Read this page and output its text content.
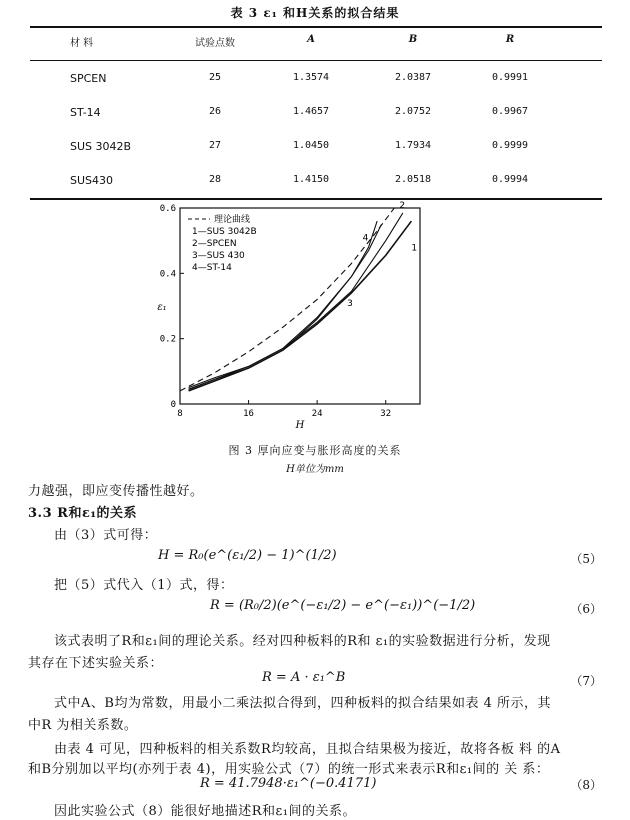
表 3 ε₁ 和H关系的拟合结果
材 料	试验点数	A	B	R
SPCEN	25	1.3574	2.0387	0.9991
ST-14	26	1.4657	2.0752	0.9967
SUS 3042B	27	1.0450	1.7934	0.9999
SUS430	28	1.4150	2.0518	0.9994
0
0.2
0.4
0.6
8	16	24	32
H
ε₁
理论曲线
1—SUS 3042B
2—SPCEN
3—SUS 430
4—ST-14
1
2
3
4
图 3 厚向应变与胀形高度的关系
H单位为mm
力越强，即应变传播性越好。
3.3 R和ε₁的关系
由（3）式可得：
H = R₀(e^(ε₁/2) − 1)^(1/2)	（5）
把（5）式代入（1）式，得：
R = (R₀/2)(e^(−ε₁/2) − e^(−ε₁))^(−1/2)	（6）
该式表明了R和ε₁间的理论关系。经对四种板料的R和 ε₁的实验数据进行分析，发现
其存在下述实验关系：
R = A · ε₁^B	（7）
式中A、B均为常数，用最小二乘法拟合得到，四种板料的拟合结果如表 4 所示，其
中R 为相关系数。
由表 4 可见，四种板料的相关系数R均较高，且拟合结果极为接近，故将各板 料 的A
和B分别加以平均(亦列于表 4)，用实验公式（7）的统一形式来表示R和ε₁间的 关 系：
R = 41.7948·ε₁^(−0.4171)	（8）
因此实验公式（8）能很好地描述R和ε₁间的关系。
